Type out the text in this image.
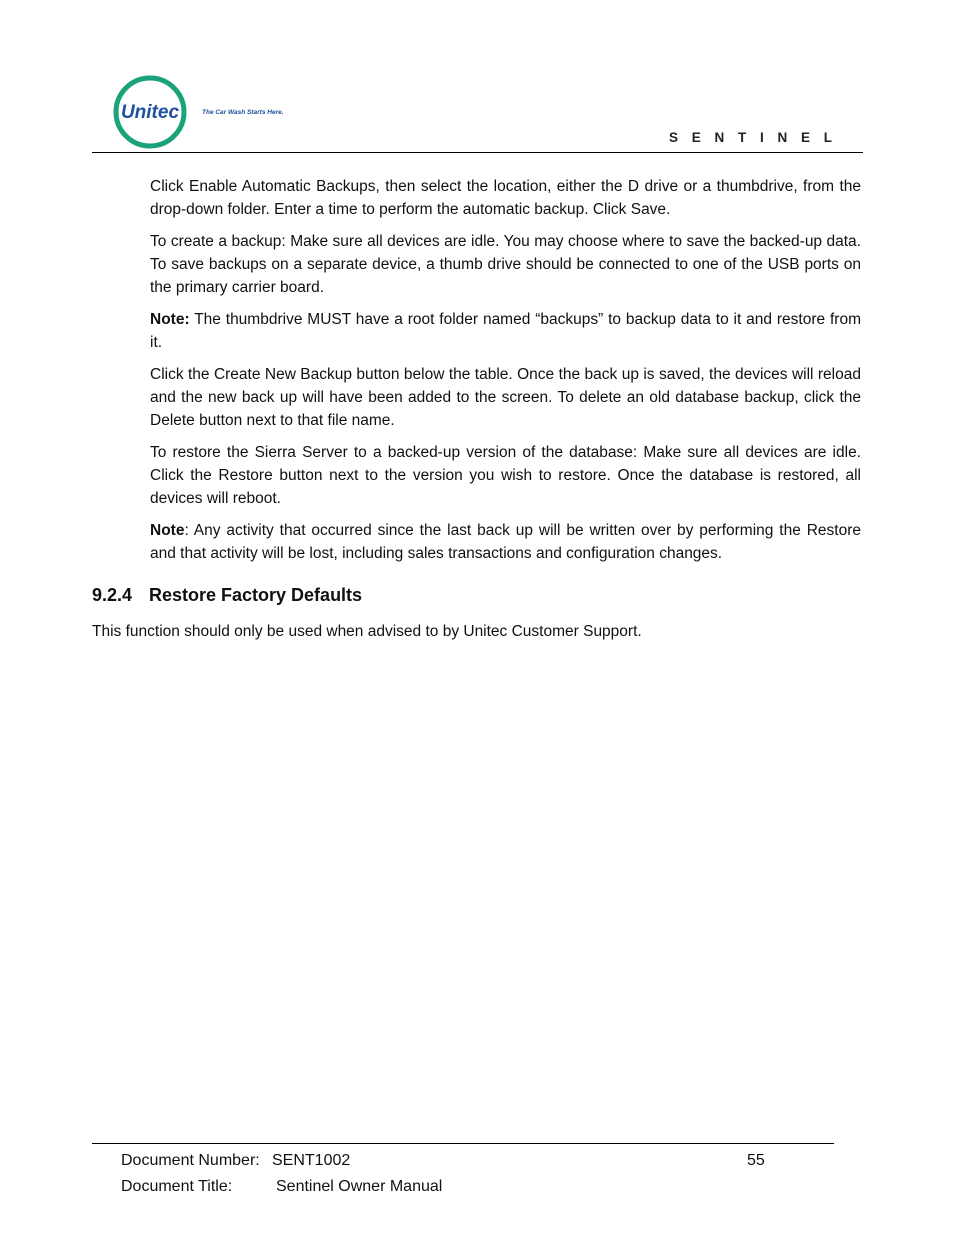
Unitec	The Car Wash Starts Here.
S E N T I N E L

Click Enable Automatic Backups, then select the location, either the D drive or a thumbdrive, from the drop-down folder. Enter a time to perform the automatic backup. Click Save.

To create a backup: Make sure all devices are idle. You may choose where to save the backed-up data. To save backups on a separate device, a thumb drive should be connected to one of the USB ports on the primary carrier board.

Note: The thumbdrive MUST have a root folder named “backups” to backup data to it and restore from it.

Click the Create New Backup button below the table. Once the back up is saved, the devices will reload and the new back up will have been added to the screen. To delete an old database backup, click the Delete button next to that file name.

To restore the Sierra Server to a backed-up version of the database: Make sure all devices are idle. Click the Restore button next to the version you wish to restore. Once the database is restored, all devices will reboot.

Note: Any activity that occurred since the last back up will be written over by performing the Restore and that activity will be lost, including sales transactions and configuration changes.

9.2.4 Restore Factory Defaults
This function should only be used when advised to by Unitec Customer Support.
Document Number: SENT1002	55
Document Title:	Sentinel Owner Manual
